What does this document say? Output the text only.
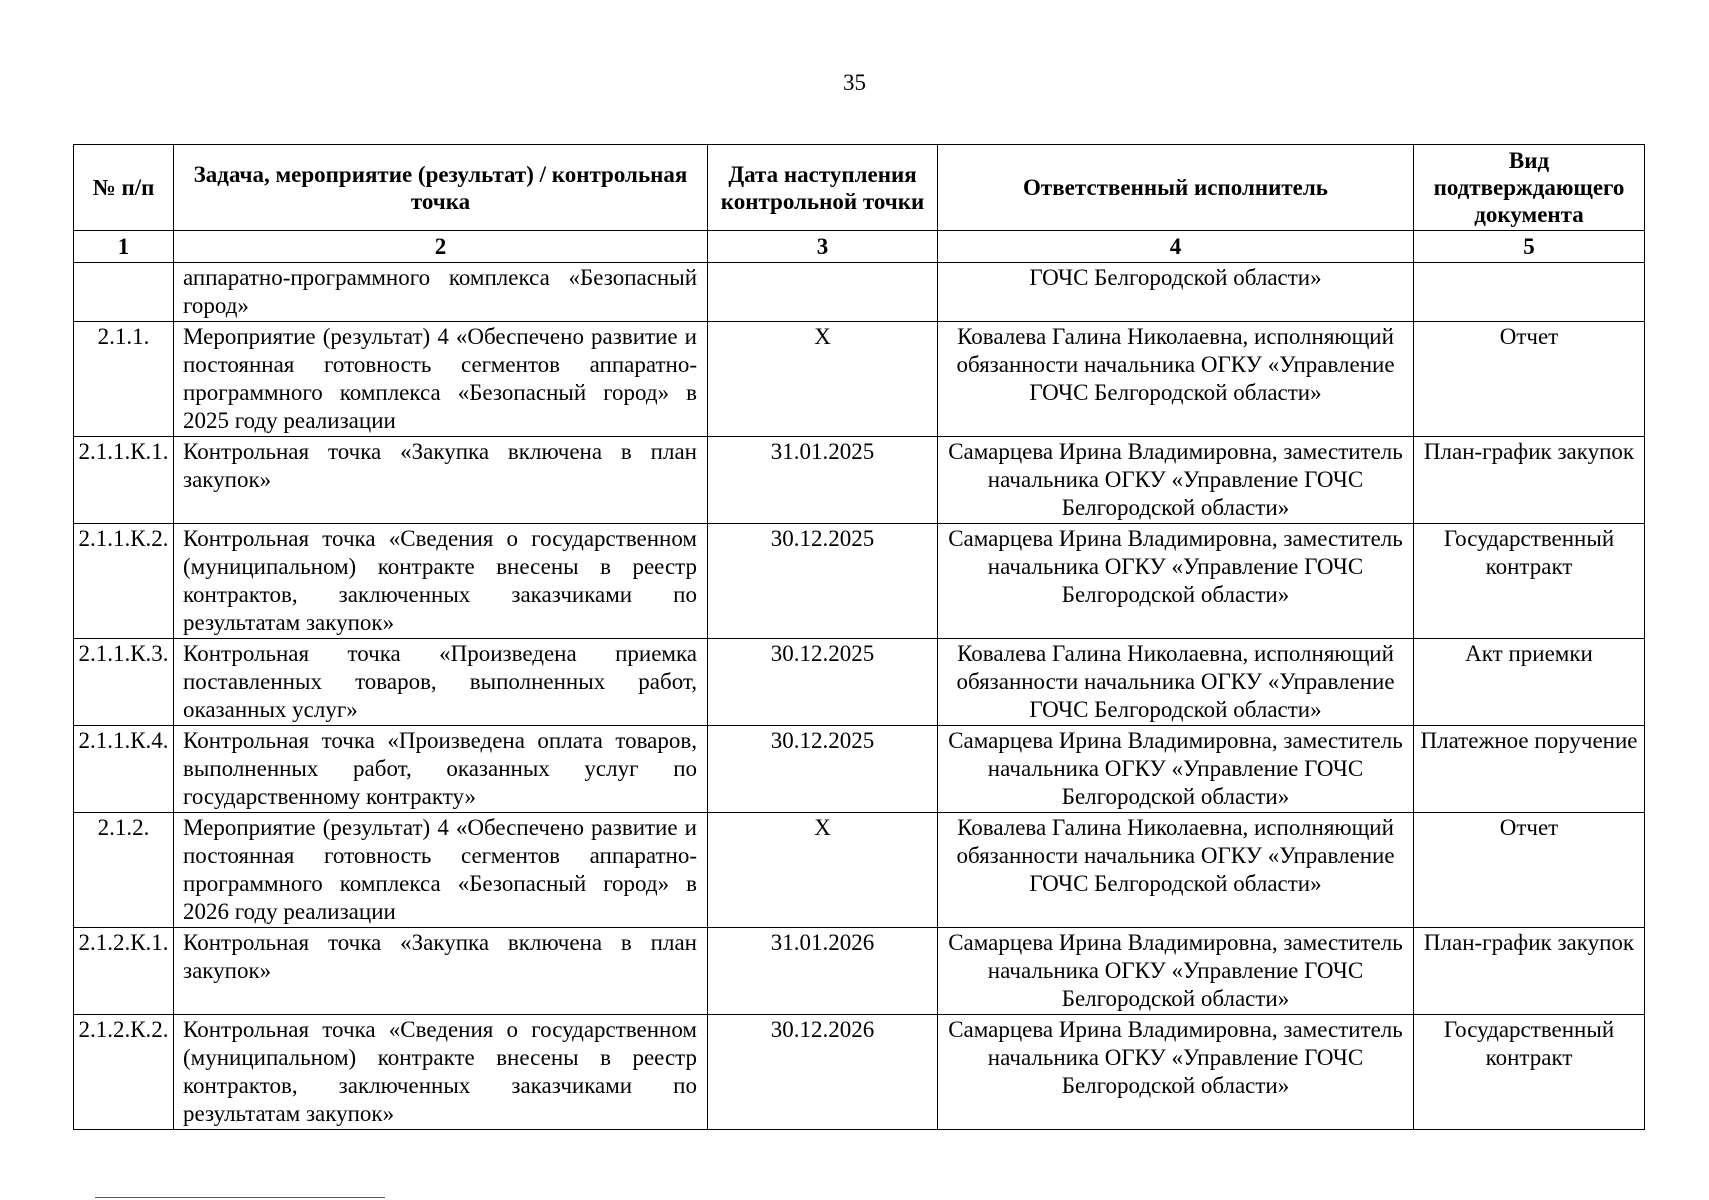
35
№ п/п	Задача, мероприятие (результат) / контрольная точка	Дата наступления контрольной точки	Ответственный исполнитель	Вид подтверждающего документа
1	2	3	4	5
	аппаратно-программного комплекса «Безопасный город»		ГОЧС Белгородской области»	
2.1.1.	Мероприятие (результат) 4 «Обеспечено развитие и постоянная готовность сегментов аппаратно-программного комплекса «Безопасный город» в 2025 году реализации	X	Ковалева Галина Николаевна, исполняющий обязанности начальника ОГКУ «Управление ГОЧС Белгородской области»	Отчет
2.1.1.К.1.	Контрольная точка «Закупка включена в план закупок»	31.01.2025	Самарцева Ирина Владимировна, заместитель начальника ОГКУ «Управление ГОЧС Белгородской области»	План-график закупок
2.1.1.К.2.	Контрольная точка «Сведения о государственном (муниципальном) контракте внесены в реестр контрактов, заключенных заказчиками по результатам закупок»	30.12.2025	Самарцева Ирина Владимировна, заместитель начальника ОГКУ «Управление ГОЧС Белгородской области»	Государственный контракт
2.1.1.К.3.	Контрольная точка «Произведена приемка поставленных товаров, выполненных работ, оказанных услуг»	30.12.2025	Ковалева Галина Николаевна, исполняющий обязанности начальника ОГКУ «Управление ГОЧС Белгородской области»	Акт приемки
2.1.1.К.4.	Контрольная точка «Произведена оплата товаров, выполненных работ, оказанных услуг по государственному контракту»	30.12.2025	Самарцева Ирина Владимировна, заместитель начальника ОГКУ «Управление ГОЧС Белгородской области»	Платежное поручение
2.1.2.	Мероприятие (результат) 4 «Обеспечено развитие и постоянная готовность сегментов аппаратно-программного комплекса «Безопасный город» в 2026 году реализации	X	Ковалева Галина Николаевна, исполняющий обязанности начальника ОГКУ «Управление ГОЧС Белгородской области»	Отчет
2.1.2.К.1.	Контрольная точка «Закупка включена в план закупок»	31.01.2026	Самарцева Ирина Владимировна, заместитель начальника ОГКУ «Управление ГОЧС Белгородской области»	План-график закупок
2.1.2.К.2.	Контрольная точка «Сведения о государственном (муниципальном) контракте внесены в реестр контрактов, заключенных заказчиками по результатам закупок»	30.12.2026	Самарцева Ирина Владимировна, заместитель начальника ОГКУ «Управление ГОЧС Белгородской области»	Государственный контракт
